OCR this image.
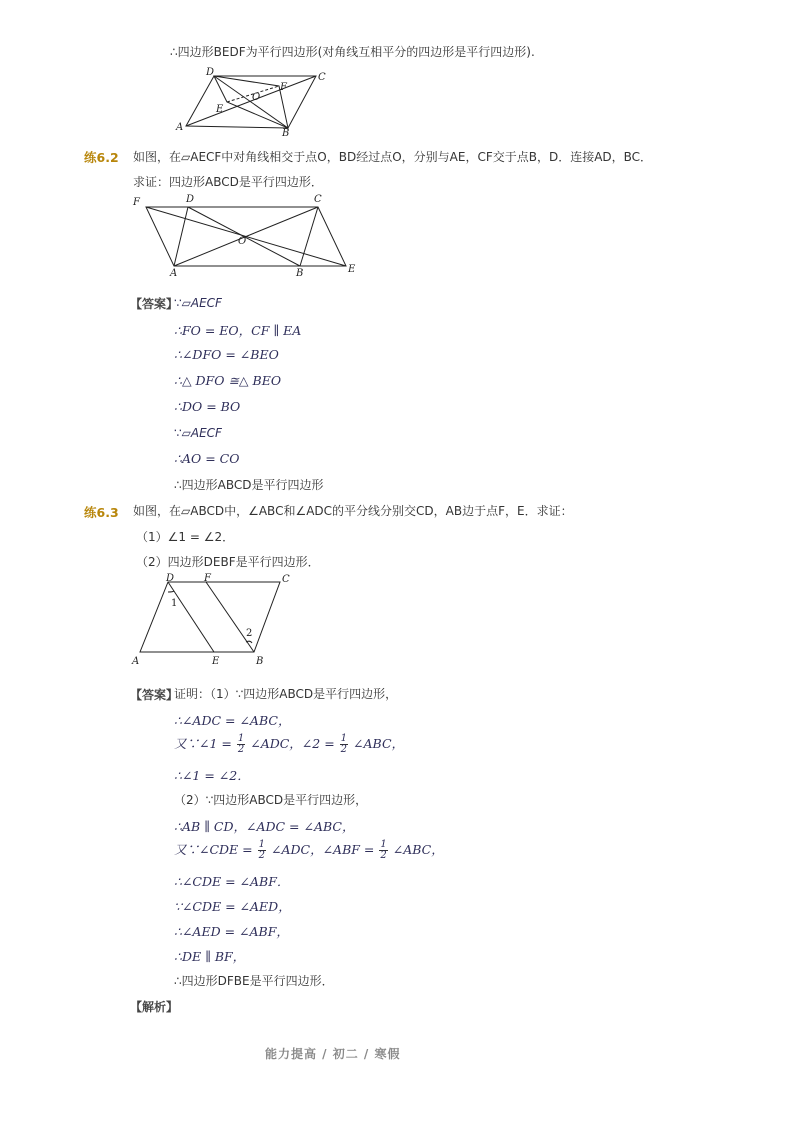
∴四边形BEDF为平行四边形(对角线互相平分的四边形是平行四边形).
D	C
A
B
E
F
O
练6.2 如图，在▱AECF中对角线相交于点O，BD经过点O，分别与AE，CF交于点B，D．连接AD，BC．
求证：四边形ABCD是平行四边形．
F	D	C
O
A	B	E
【答案】
∵▱AECF
∴FO = EO，CF ∥ EA
∴∠DFO = ∠BEO
∴△ DFO ≅△ BEO
∴DO = BO
∵▱AECF
∴AO = CO
∴四边形ABCD是平行四边形
练6.3 如图，在▱ABCD中，∠ABC和∠ADC的平分线分别交CD，AB边于点F，E．求证：
（1）∠1 = ∠2．
（2）四边形DEBF是平行四边形．
D	F	C
A	E	B
1
2
【答案】
证明：（1）∵四边形ABCD是平行四边形，
∴∠ADC = ∠ABC，
又∵∠1 = $\frac{1}{2}$ ∠ADC，∠2 = $\frac{1}{2}$ ∠ABC，
∴∠1 = ∠2．
（2）∵四边形ABCD是平行四边形，
∴AB ∥ CD，∠ADC = ∠ABC，
又∵∠CDE = $\frac{1}{2}$ ∠ADC，∠ABF = $\frac{1}{2}$ ∠ABC，
∴∠CDE = ∠ABF．
∵∠CDE = ∠AED，
∴∠AED = ∠ABF，
∴DE ∥ BF，
∴四边形DFBE是平行四边形．
【解析】
能力提高 / 初二 / 寒假
